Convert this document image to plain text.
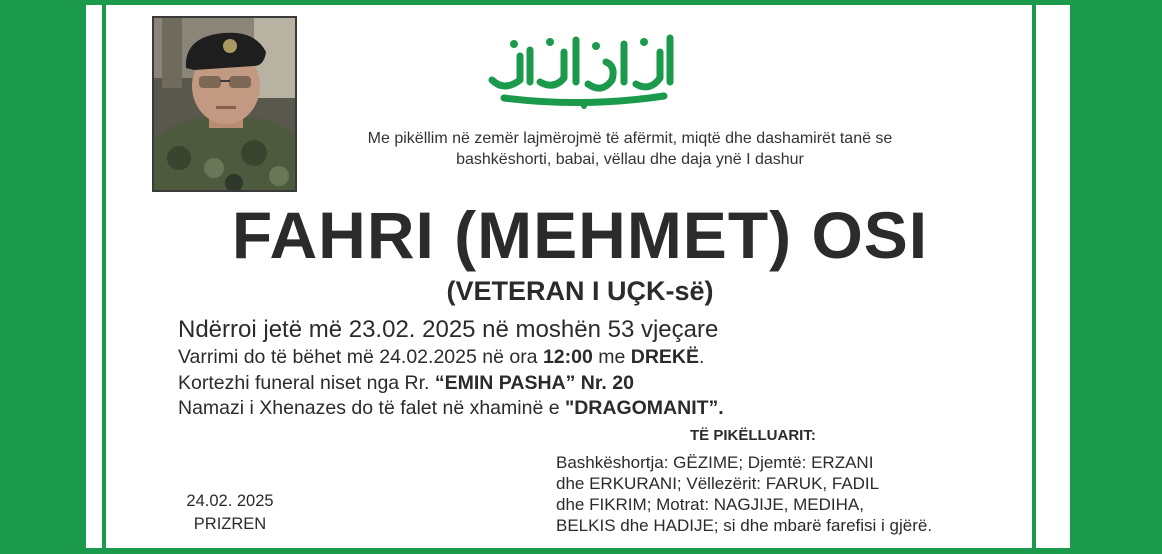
Me pikëllim në zemër lajmërojmë të afërmit, miqtë dhe dashamirët tanë se
bashkëshorti, babai, vëllau dhe daja ynë I dashur
FAHRI (MEHMET) OSI
(VETERAN I UÇK-së)
Ndërroi jetë më 23.02. 2025 në moshën 53 vjeçare
Varrimi do të bëhet më 24.02.2025 në ora 12:00 me DREKË.
Kortezhi funeral niset nga Rr. “EMIN PASHA” Nr. 20
Namazi i Xhenazes do të falet në xhaminë e "DRAGOMANIT”.
TË PIKËLLUARIT:
Bashkëshortja: GËZIME; Djemtë: ERZANI
dhe ERKURANI; Vëllezërit: FARUK, FADIL
dhe FIKRIM; Motrat: NAGJIJE, MEDIHA,
BELKIS dhe HADIJE; si dhe mbarë farefisi i gjërë.
24.02. 2025
PRIZREN
